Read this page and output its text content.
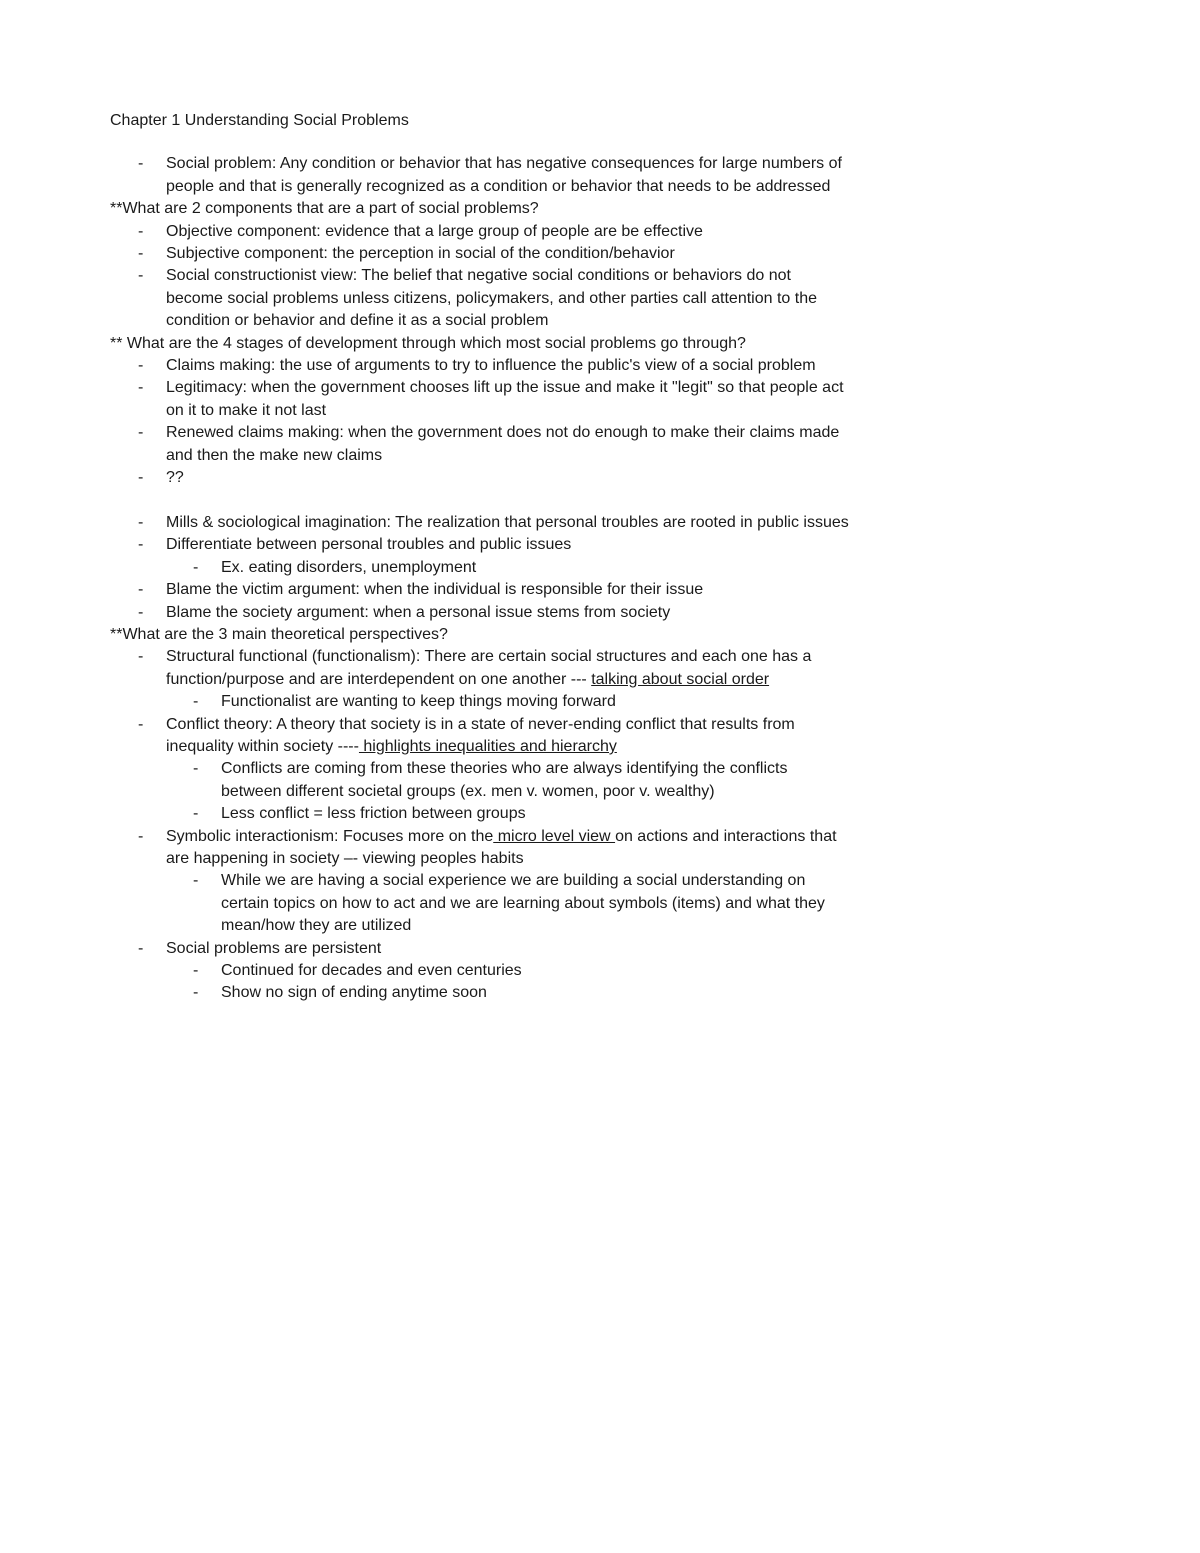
Chapter 1 Understanding Social Problems
-	Social problem: Any condition or behavior that has negative consequences for large numbers of people and that is generally recognized as a condition or behavior that needs to be addressed
**What are 2 components that are a part of social problems?
-	Objective component: evidence that a large group of people are be effective
-	Subjective component: the perception in social of the condition/behavior
-	Social constructionist view: The belief that negative social conditions or behaviors do not become social problems unless citizens, policymakers, and other parties call attention to the condition or behavior and define it as a social problem
** What are the 4 stages of development through which most social problems go through?
-	Claims making: the use of arguments to try to influence the public's view of a social problem
-	Legitimacy: when the government chooses lift up the issue and make it "legit" so that people act on it to make it not last
-	Renewed claims making: when the government does not do enough to make their claims made and then the make new claims
-	??
-	Mills & sociological imagination: The realization that personal troubles are rooted in public issues
-	Differentiate between personal troubles and public issues
-	Ex. eating disorders, unemployment
-	Blame the victim argument: when the individual is responsible for their issue
-	Blame the society argument: when a personal issue stems from society
**What are the 3 main theoretical perspectives?
-	Structural functional (functionalism): There are certain social structures and each one has a function/purpose and are interdependent on one another --- talking about social order
-	Functionalist are wanting to keep things moving forward
-	Conflict theory: A theory that society is in a state of never-ending conflict that results from inequality within society ---- highlights inequalities and hierarchy
-	Conflicts are coming from these theories who are always identifying the conflicts between different societal groups (ex. men v. women, poor v. wealthy)
-	Less conflict = less friction between groups
-	Symbolic interactionism: Focuses more on the micro level view on actions and interactions that are happening in society –- viewing peoples habits
-	While we are having a social experience we are building a social understanding on certain topics on how to act and we are learning about symbols (items) and what they mean/how they are utilized
-	Social problems are persistent
-	Continued for decades and even centuries
-	Show no sign of ending anytime soon
